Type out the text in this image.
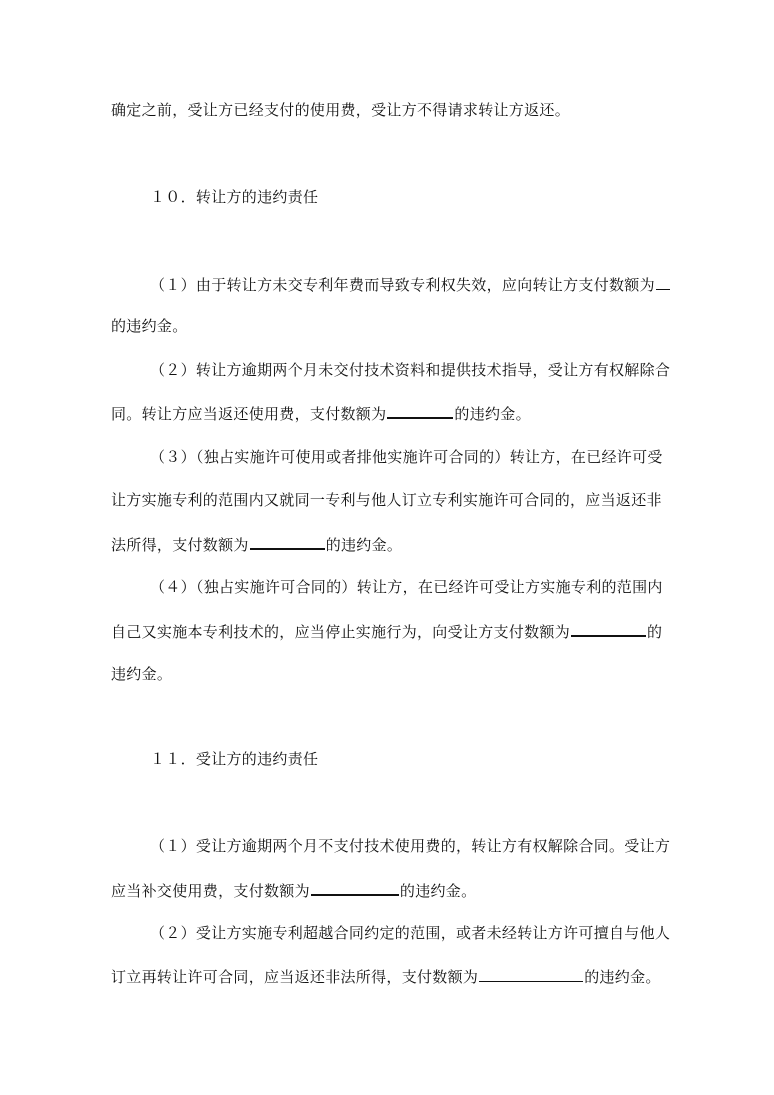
确定之前，受让方已经支付的使用费，受让方不得请求转让方返还。
１０．转让方的违约责任
（１）由于转让方未交专利年费而导致专利权失效，应向转让方支付数额为
的违约金。
（２）转让方逾期两个月未交付技术资料和提供技术指导，受让方有权解除合
同。转让方应当返还使用费，支付数额为	的违约金。
（３）（独占实施许可使用或者排他实施许可合同的）转让方，在已经许可受
让方实施专利的范围内又就同一专利与他人订立专利实施许可合同的，应当返还非
法所得，支付数额为	的违约金。
（４）（独占实施许可合同的）转让方，在已经许可受让方实施专利的范围内
自己又实施本专利技术的，应当停止实施行为，向受让方支付数额为	的
违约金。
１１．受让方的违约责任
（１）受让方逾期两个月不支付技术使用费的，转让方有权解除合同。受让方
应当补交使用费，支付数额为	的违约金。
（２）受让方实施专利超越合同约定的范围，或者未经转让方许可擅自与他人
订立再转让许可合同，应当返还非法所得，支付数额为	的违约金。
